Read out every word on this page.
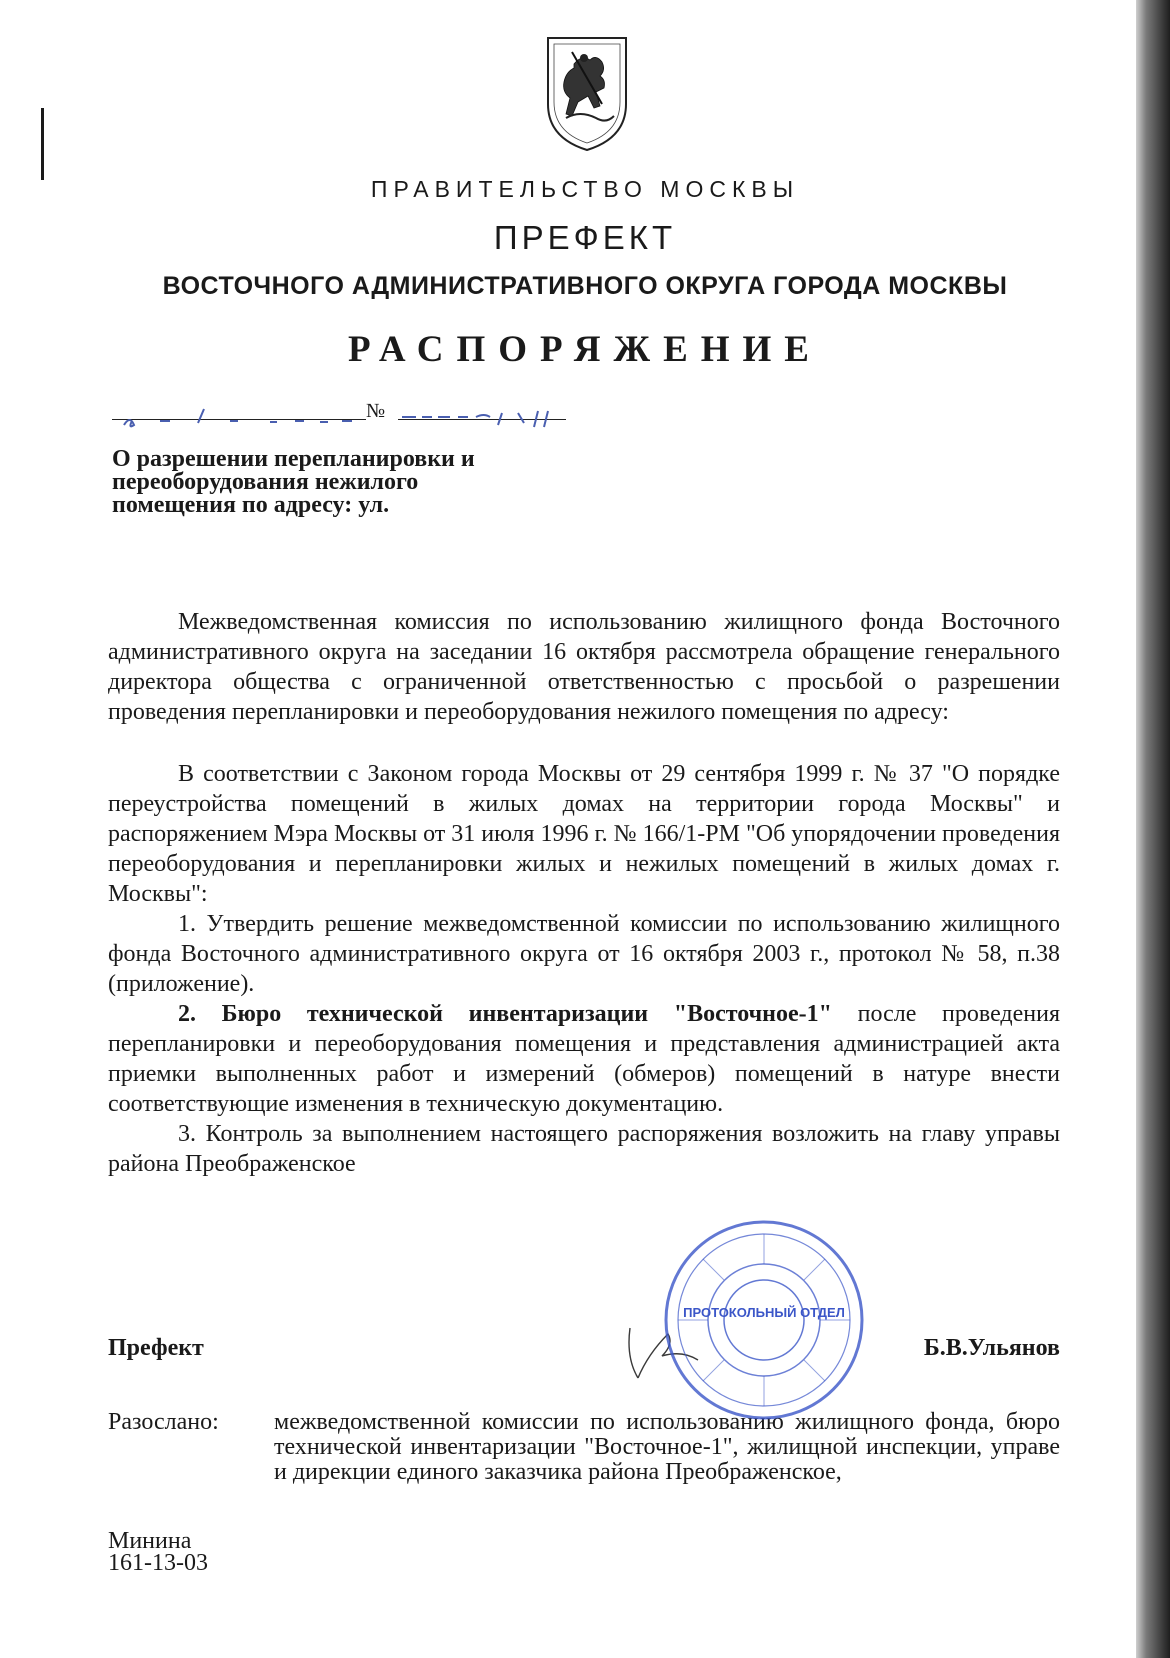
ПРАВИТЕЛЬСТВО МОСКВЫ
ПРЕФЕКТ
ВОСТОЧНОГО АДМИНИСТРАТИВНОГО ОКРУГА ГОРОДА МОСКВЫ
РАСПОРЯЖЕНИЕ
№
О разрешении перепланировки и переоборудования нежилого помещения по адресу: ул.

Межведомственная комиссия по использованию жилищного фонда Восточного административного округа на заседании 16 октября рассмотрела обращение генерального директора общества с ограниченной ответственностью с просьбой о разрешении проведения перепланировки и переоборудования нежилого помещения по адресу:

В соответствии с Законом города Москвы от 29 сентября 1999 г. № 37 "О порядке переустройства помещений в жилых домах на территории города Москвы" и распоряжением Мэра Москвы от 31 июля 1996 г. № 166/1-РМ "Об упорядочении проведения переоборудования и перепланировки жилых и нежилых помещений в жилых домах г. Москвы":

1. Утвердить решение межведомственной комиссии по использованию жилищного фонда Восточного административного округа от 16 октября 2003 г., протокол № 58, п.38 (приложение).

2. Бюро технической инвентаризации "Восточное-1" после проведения перепланировки и переоборудования помещения и представления администрацией акта приемки выполненных работ и измерений (обмеров) помещений в натуре внести соответствующие изменения в техническую документацию.

3. Контроль за выполнением настоящего распоряжения возложить на главу управы района Преображенское

Префект	Б.В.Ульянов
Разослано: межведомственной комиссии по использованию жилищного фонда, бюро технической инвентаризации "Восточное-1", жилищной инспекции, управе и дирекции единого заказчика района Преображенское,
Минина
161-13-03
ПРОТОКОЛЬНЫЙ ОТДЕЛ
